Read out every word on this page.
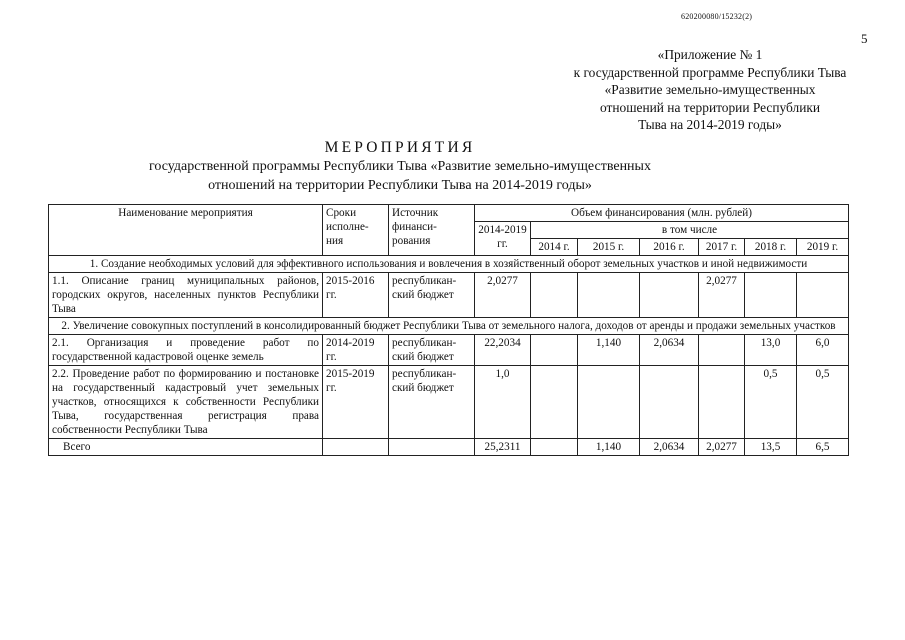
620200080/15232(2)
5
«Приложение № 1
к государственной программе Республики Тыва
«Развитие земельно-имущественных
отношений на территории Республики
Тыва на 2014-2019 годы»
МЕРОПРИЯТИЯ
государственной программы Республики Тыва «Развитие земельно-имущественных
отношений на территории Республики Тыва на 2014-2019 годы»
Наименование мероприятия	Сроки исполне-ния	Источник финанси-рования	Объем финансирования (млн. рублей)						
			2014-2019 гг.	в том числе					
				2014 г.	2015 г.	2016 г.	2017 г.	2018 г.	2019 г.
1. Создание необходимых условий для эффективного использования и вовлечения в хозяйственный оборот земельных участков и иной недвижимости									
1.1. Описание границ муниципальных районов, городских округов, населенных пунктов Республики Тыва	2015-2016 гг.	республикан-ский бюджет	2,0277				2,0277		
2. Увеличение совокупных поступлений в консолидированный бюджет Республики Тыва от земельного налога, доходов от аренды и продажи земельных участков									
2.1. Организация и проведение работ по государственной кадастровой оценке земель	2014-2019 гг.	республикан-ский бюджет	22,2034		1,140	2,0634		13,0	6,0
2.2. Проведение работ по формированию и постановке на государственный кадастровый учет земельных участков, относящихся к собственности Республики Тыва, государственная регистрация права собственности Республики Тыва	2015-2019 гг.	республикан-ский бюджет	1,0					0,5	0,5
Всего			25,2311		1,140	2,0634	2,0277	13,5	6,5
